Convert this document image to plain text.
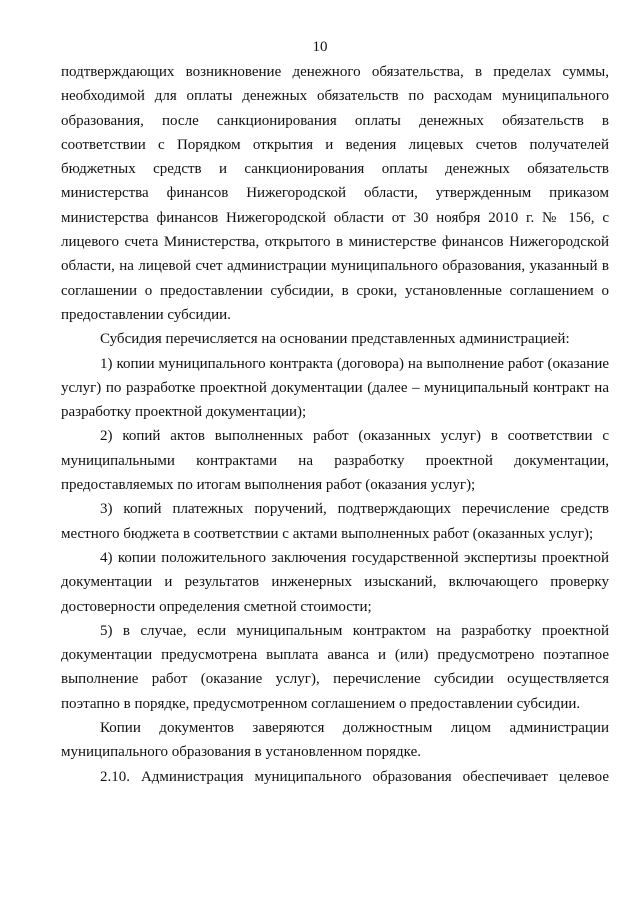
10

подтверждающих возникновение денежного обязательства, в пределах суммы, необходимой для оплаты денежных обязательств по расходам муниципального образования, после санкционирования оплаты денежных обязательств в соответствии с Порядком открытия и ведения лицевых счетов получателей бюджетных средств и санкционирования оплаты денежных обязательств министерства финансов Нижегородской области, утвержденным приказом министерства финансов Нижегородской области от 30 ноября 2010 г. № 156, с лицевого счета Министерства, открытого в министерстве финансов Нижегородской области, на лицевой счет администрации муниципального образования, указанный в соглашении о предоставлении субсидии, в сроки, установленные соглашением о предоставлении субсидии.

Субсидия перечисляется на основании представленных администрацией:

1) копии муниципального контракта (договора) на выполнение работ (оказание услуг) по разработке проектной документации (далее – муниципальный контракт на разработку проектной документации);

2) копий актов выполненных работ (оказанных услуг) в соответствии с муниципальными контрактами на разработку проектной документации, предоставляемых по итогам выполнения работ (оказания услуг);

3) копий платежных поручений, подтверждающих перечисление средств местного бюджета в соответствии с актами выполненных работ (оказанных услуг);

4) копии положительного заключения государственной экспертизы проектной документации и результатов инженерных изысканий, включающего проверку достоверности определения сметной стоимости;

5) в случае, если муниципальным контрактом на разработку проектной документации предусмотрена выплата аванса и (или) предусмотрено поэтапное выполнение работ (оказание услуг), перечисление субсидии осуществляется поэтапно в порядке, предусмотренном соглашением о предоставлении субсидии.

Копии документов заверяются должностным лицом администрации муниципального образования в установленном порядке.

2.10. Администрация муниципального образования обеспечивает целевое
